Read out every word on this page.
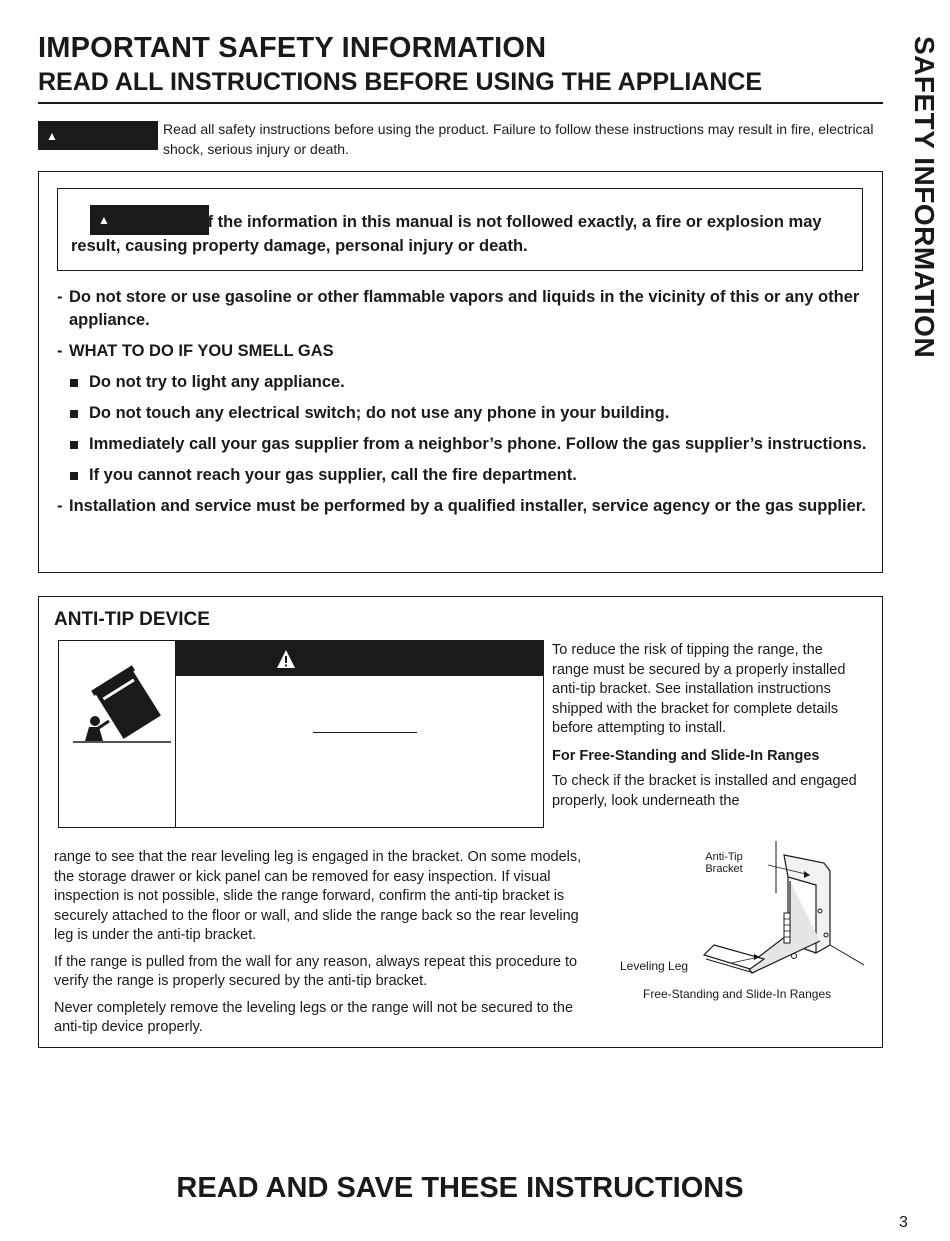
IMPORTANT SAFETY INFORMATION
READ ALL INSTRUCTIONS BEFORE USING THE APPLIANCE	SAFETY INFORMATION
▲	Read all safety instructions before using the product. Failure to follow these instructions may result in fire, electrical shock, serious injury or death.

▲	If the information in this manual is not followed exactly, a fire or explosion may result, causing property damage, personal injury or death.

- Do not store or use gasoline or other flammable vapors and liquids in the vicinity of this or any other appliance.

- WHAT TO DO IF YOU SMELL GAS

Do not try to light any appliance.
Do not touch any electrical switch; do not use any phone in your building.
Immediately call your gas supplier from a neighbor’s phone. Follow the gas supplier’s instructions.
If you cannot reach your gas supplier, call the fire department.

- Installation and service must be performed by a qualified installer, service agency or the gas supplier.

ANTI-TIP DEVICE

To reduce the risk of tipping the range, the range must be secured by a properly installed anti-tip bracket. See installation instructions shipped with the bracket for complete details before attempting to install.

For Free-Standing and Slide-In Ranges

To check if the bracket is installed and engaged properly, look underneath the

range to see that the rear leveling leg is engaged in the bracket. On some models, the storage drawer or kick panel can be removed for easy inspection. If visual inspection is not possible, slide the range forward, confirm the anti-tip bracket is securely attached to the floor or wall, and slide the range back so the rear leveling leg is under the anti-tip bracket.

If the range is pulled from the wall for any reason, always repeat this procedure to verify the range is properly secured by the anti-tip bracket.

Never completely remove the leveling legs or the range will not be secured to the anti-tip device properly.

Anti-Tip Bracket
Leveling Leg
Free-Standing and Slide-In Ranges
READ AND SAVE THESE INSTRUCTIONS
3
